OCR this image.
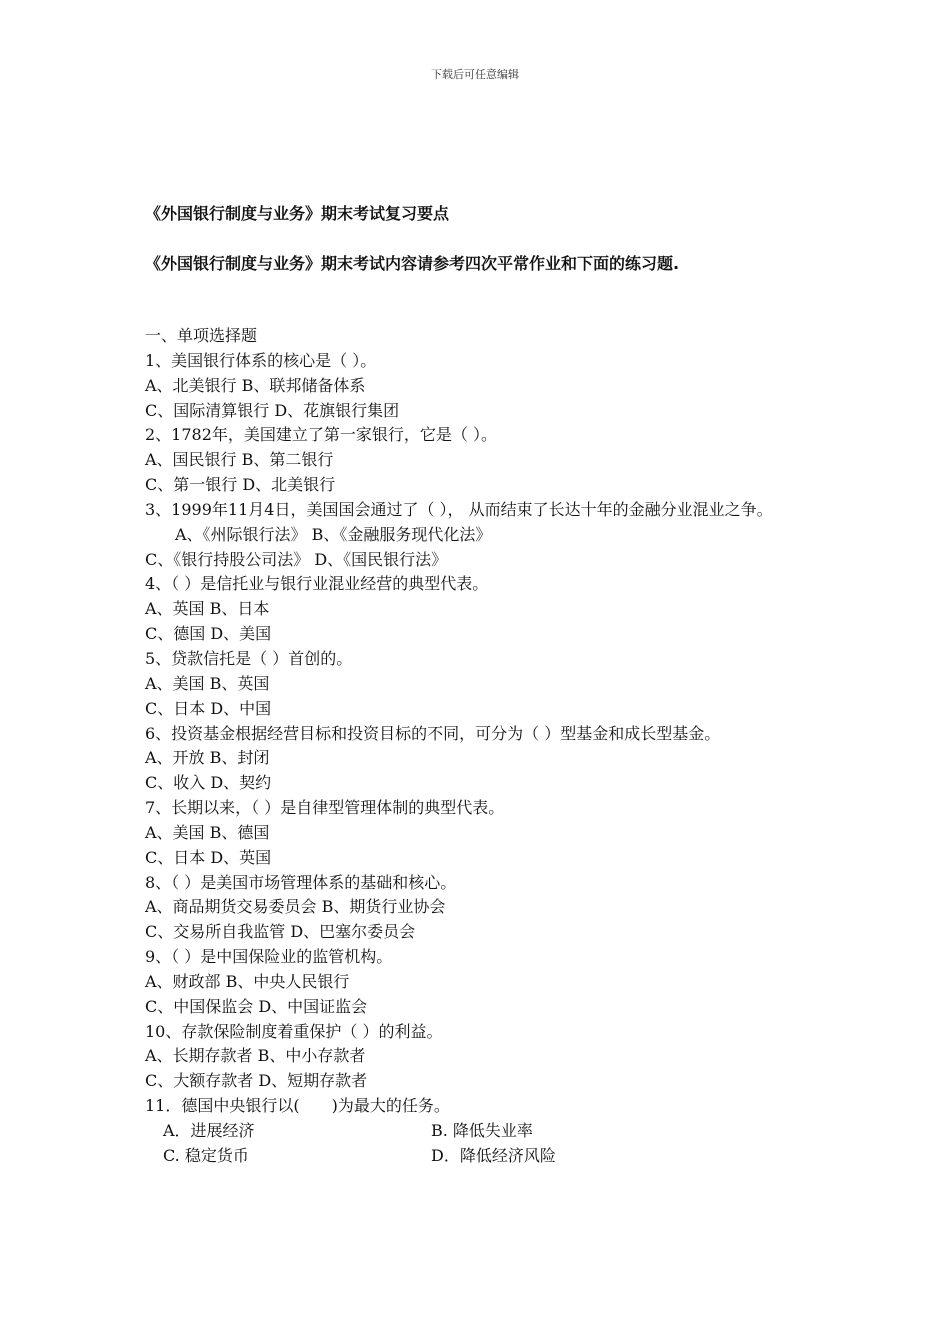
下载后可任意编辑
《外国银行制度与业务》期末考试复习要点
《外国银行制度与业务》期末考试内容请参考四次平常作业和下面的练习题.
一、单项选择题
1、美国银行体系的核心是（ ）。
A、北美银行 B、联邦储备体系
C、国际清算银行 D、花旗银行集团
2、1782年，美国建立了第一家银行，它是（ ）。
A、国民银行 B、第二银行
C、第一银行 D、北美银行
3、1999年11月4日，美国国会通过了（ ）， 从而结束了长达十年的金融分业混业之争。
A、《州际银行法》 B、《金融服务现代化法》
C、《银行持股公司法》 D、《国民银行法》
4、（ ）是信托业与银行业混业经营的典型代表。
A、英国 B、日本
C、德国 D、美国
5、贷款信托是（ ）首创的。
A、美国 B、英国
C、日本 D、中国
6、投资基金根据经营目标和投资目标的不同，可分为（ ）型基金和成长型基金。
A、开放 B、封闭
C、收入 D、契约
7、长期以来，（ ）是自律型管理体制的典型代表。
A、美国 B、德国
C、日本 D、英国
8、（ ）是美国市场管理体系的基础和核心。
A、商品期货交易委员会 B、期货行业协会
C、交易所自我监管 D、巴塞尔委员会
9、（ ）是中国保险业的监管机构。
A、财政部 B、中央人民银行
C、中国保监会 D、中国证监会
10、存款保险制度着重保护（ ）的利益。
A、长期存款者 B、中小存款者
C、大额存款者 D、短期存款者
11．德国中央银行以(　　)为最大的任务。
A．进展经济	B. 降低失业率
C. 稳定货币	D．降低经济风险
